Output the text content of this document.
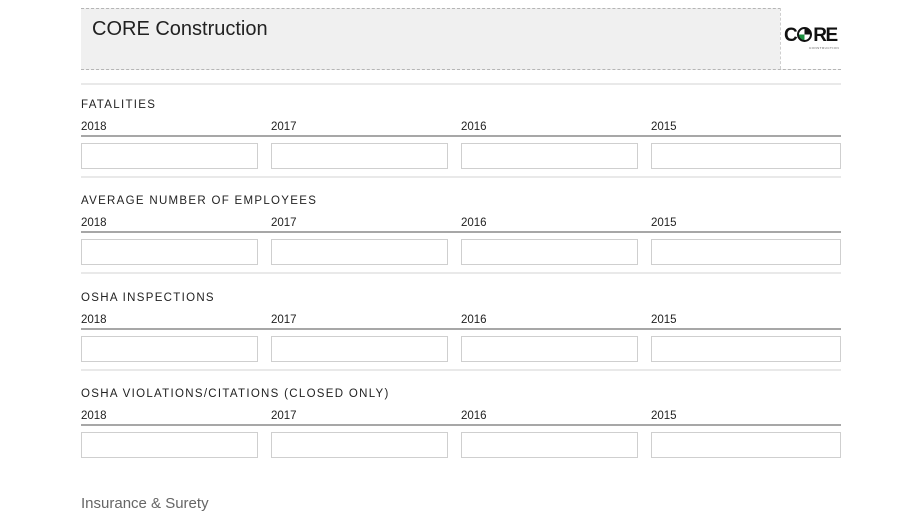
CORE Construction	C RE
CONSTRUCTION
FATALITIES
2018	2017	2016	2015
AVERAGE NUMBER OF EMPLOYEES
2018	2017	2016	2015
OSHA INSPECTIONS
2018	2017	2016	2015
OSHA VIOLATIONS/CITATIONS (CLOSED ONLY)
2018	2017	2016	2015
Insurance & Surety
